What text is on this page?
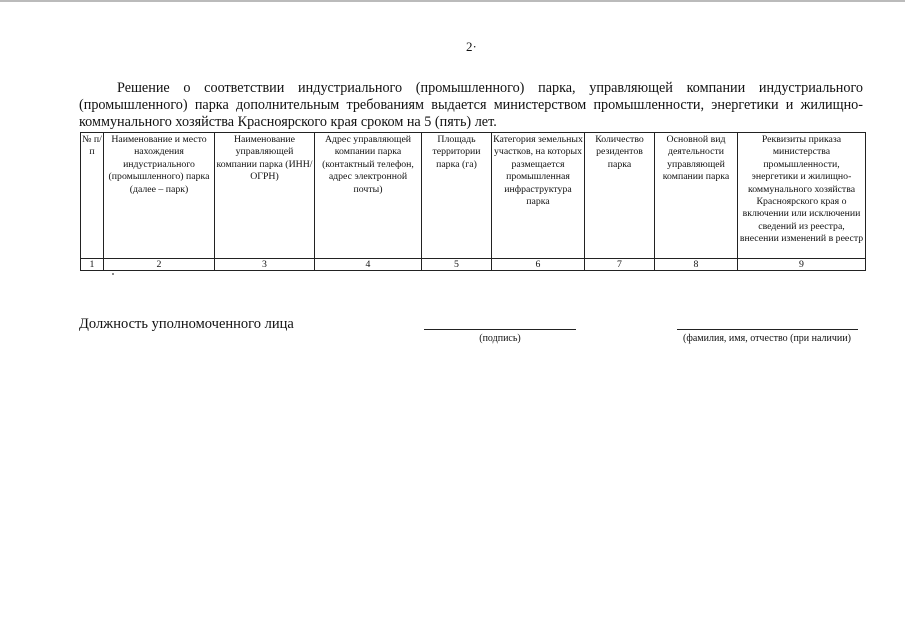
2·

Решение о соответствии индустриального (промышленного) парка, управляющей компании индустриального (промышленного) парка дополнительным требованиям выдается министерством промышленности, энергетики и жилищно-коммунального хозяйства Красноярского края сроком на 5 (пять) лет.

№ п/п	Наименование и место нахождения индустриального (промышленного) парка (далее – парк)	Наименование управляющей компании парка (ИНН/ОГРН)	Адрес управляющей компании парка (контактный телефон, адрес электронной почты)	Площадь территории парка (га)	Категория земельных участков, на которых размещается промышленная инфраструктура парка	Количество резидентов парка	Основной вид деятельности управляющей компании парка	Реквизиты приказа министерства промышленности, энергетики и жилищно-коммунального хозяйства Красноярского края о включении или исключении сведений из реестра, внесении изменений в реестр
1	2	3	4	5	6	7	8	9
Должность уполномоченного лица
(подпись)	(фамилия, имя, отчество (при наличии)
